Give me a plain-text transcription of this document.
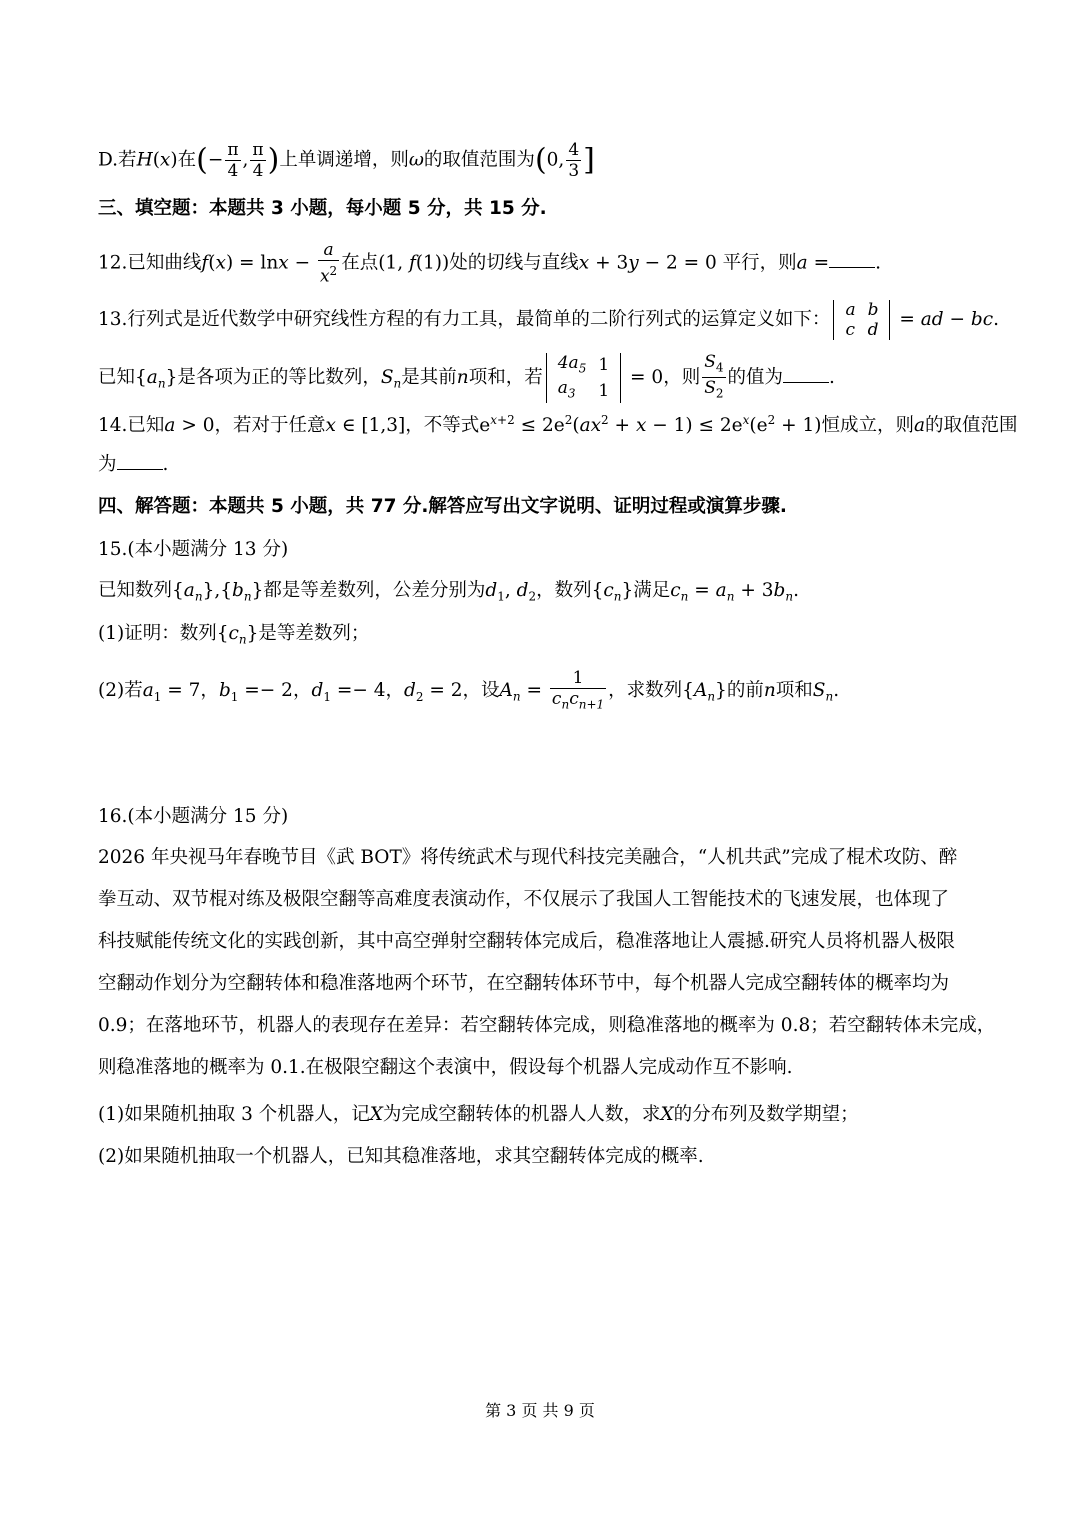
D.若H(x)在(− $\frac{\pi}{4}$ , $\frac{\pi}{4}$ )上单调递增，则ω的取值范围为(0, $\frac{4}{3}$ ]
三、填空题：本题共 3 小题，每小题 5 分，共 15 分.
12.已知曲线$f(x) = \ln x - \frac{a}{x^2}$ 在点(1, f(1))处的切线与直线x + 3y − 2 = 0 平行，则a = .
13.行列式是近代数学中研究线性方程的有力工具，最简单的二阶行列式的运算定义如下： a	b
c	d = ad − bc.
已知$\{a_n\}$是各项为正的等比数列，$S_n$是其前n项和，若
$4a_5$	1
$a_3$	1
= 0，则 $\frac{S_4}{S_2}$ 的值为 .
14.已知a > 0，若对于任意x ∈ [1,3]，不等式$e^{x+2} \le 2e^2(ax^2 + x - 1) \le 2e^x(e^2 + 1)$恒成立，则a的取值范围
为 .
四、解答题：本题共 5 小题，共 77 分.解答应写出文字说明、证明过程或演算步骤.
15.(本小题满分 13 分)
已知数列$\{a_n\},\{b_n\}$都是等差数列，公差分别为$d_1$, $d_2$，数列$\{c_n\}$满足$c_n = a_n + 3b_n$.
(1)证明：数列$\{c_n\}$是等差数列；
(2)若$a_1 = 7$，$b_1 =- 2$，$d_1 =- 4$，$d_2 = 2$，设$A_n = \frac{1}{c_nc_{n+1}}$ ，求数列$\{A_n\}$的前n项和$S_n$.
16.(本小题满分 15 分)
2026 年央视马年春晚节目《武 BOT》将传统武术与现代科技完美融合，“人机共武”完成了棍术攻防、醉
拳互动、双节棍对练及极限空翻等高难度表演动作，不仅展示了我国人工智能技术的飞速发展，也体现了
科技赋能传统文化的实践创新，其中高空弹射空翻转体完成后，稳准落地让人震撼.研究人员将机器人极限
空翻动作划分为空翻转体和稳准落地两个环节，在空翻转体环节中，每个机器人完成空翻转体的概率均为
0.9；在落地环节，机器人的表现存在差异：若空翻转体完成，则稳准落地的概率为 0.8；若空翻转体未完成，
则稳准落地的概率为 0.1.在极限空翻这个表演中，假设每个机器人完成动作互不影响.
(1)如果随机抽取 3 个机器人，记X为完成空翻转体的机器人人数，求X的分布列及数学期望；
(2)如果随机抽取一个机器人，已知其稳准落地，求其空翻转体完成的概率.
第 3 页 共 9 页
